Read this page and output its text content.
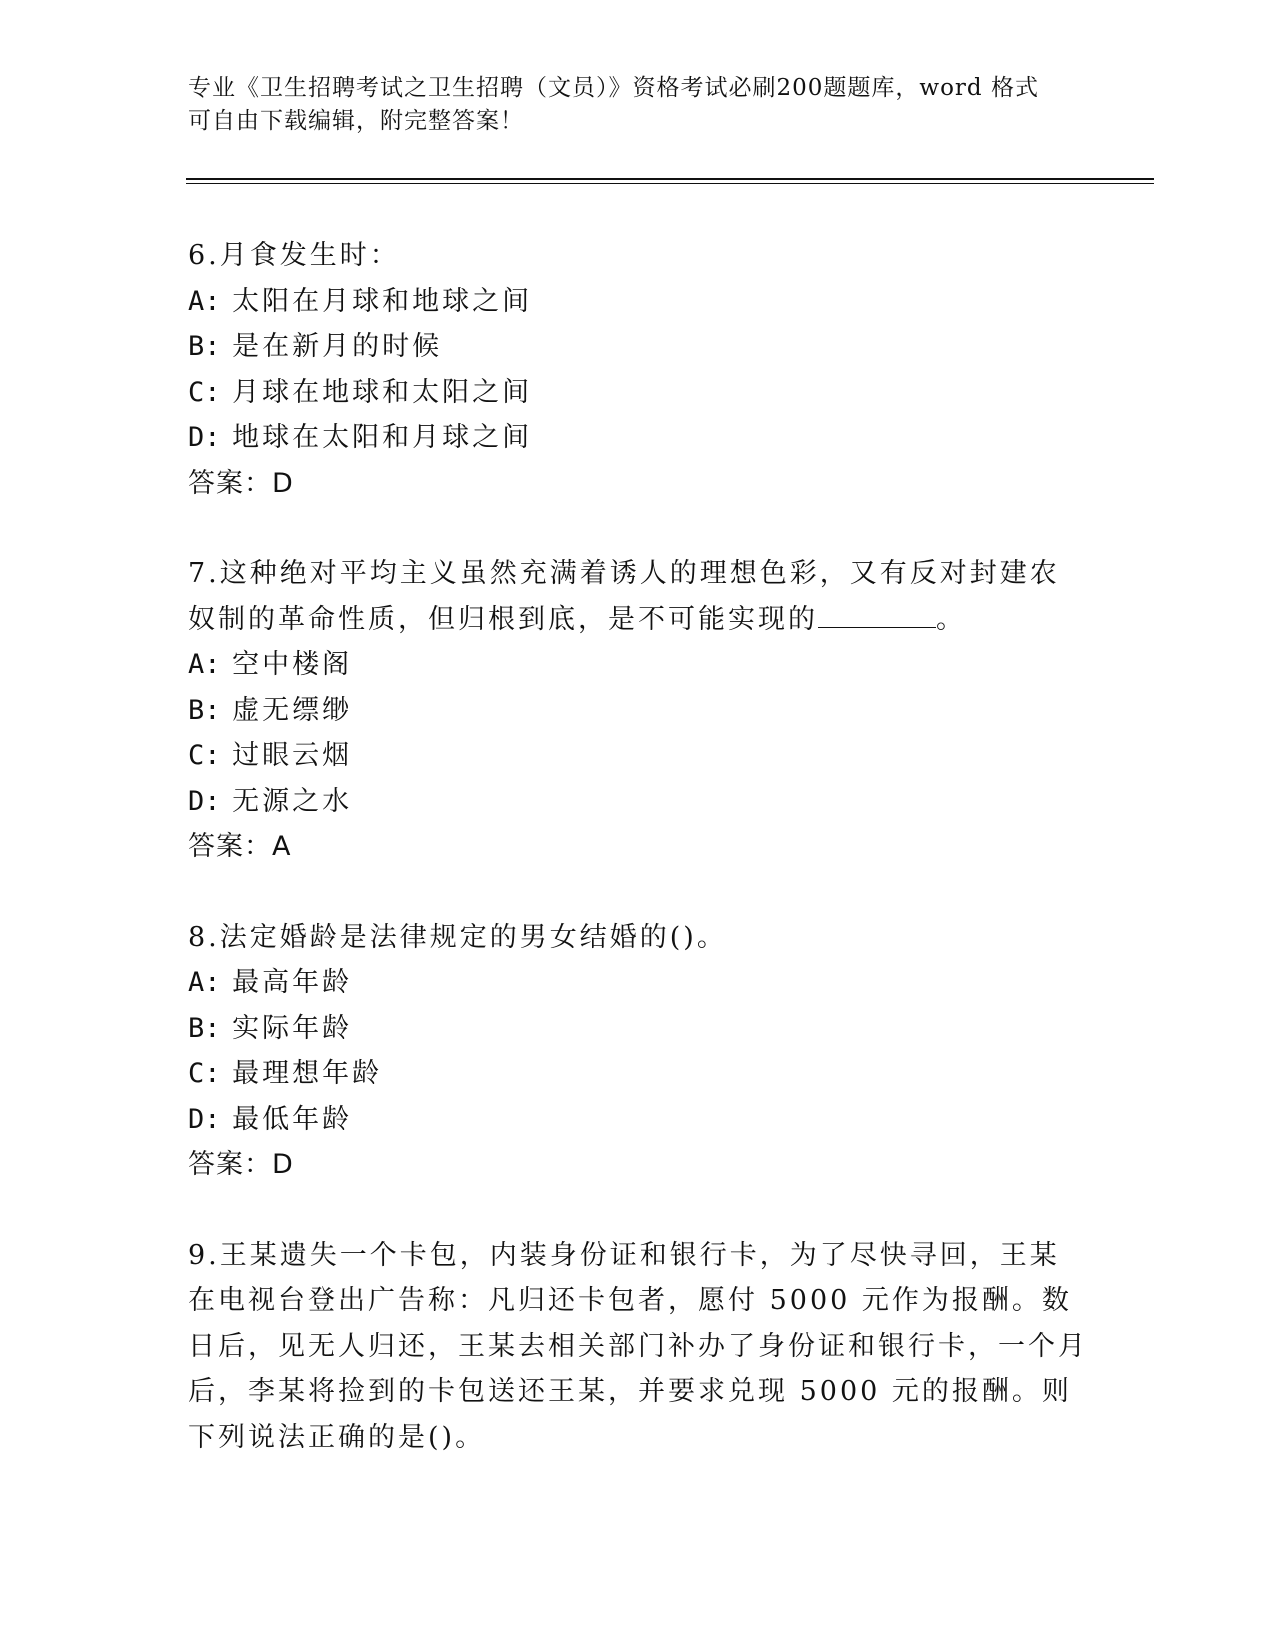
专业《卫生招聘考试之卫生招聘（文员）》资格考试必刷200题题库，word 格式
可自由下载编辑，附完整答案！
6.月食发生时：
A: 太阳在月球和地球之间
B: 是在新月的时候
C: 月球在地球和太阳之间
D: 地球在太阳和月球之间
答案：D
7.这种绝对平均主义虽然充满着诱人的理想色彩，又有反对封建农奴制的革命性质，但归根到底，是不可能实现的	。
A: 空中楼阁
B: 虚无缥缈
C: 过眼云烟
D: 无源之水
答案：A
8.法定婚龄是法律规定的男女结婚的()。
A: 最高年龄
B: 实际年龄
C: 最理想年龄
D: 最低年龄
答案：D
9.王某遗失一个卡包，内装身份证和银行卡，为了尽快寻回，王某在电视台登出广告称：凡归还卡包者，愿付 5000 元作为报酬。数日后，见无人归还，王某去相关部门补办了身份证和银行卡，一个月后，李某将捡到的卡包送还王某，并要求兑现 5000 元的报酬。则下列说法正确的是()。
